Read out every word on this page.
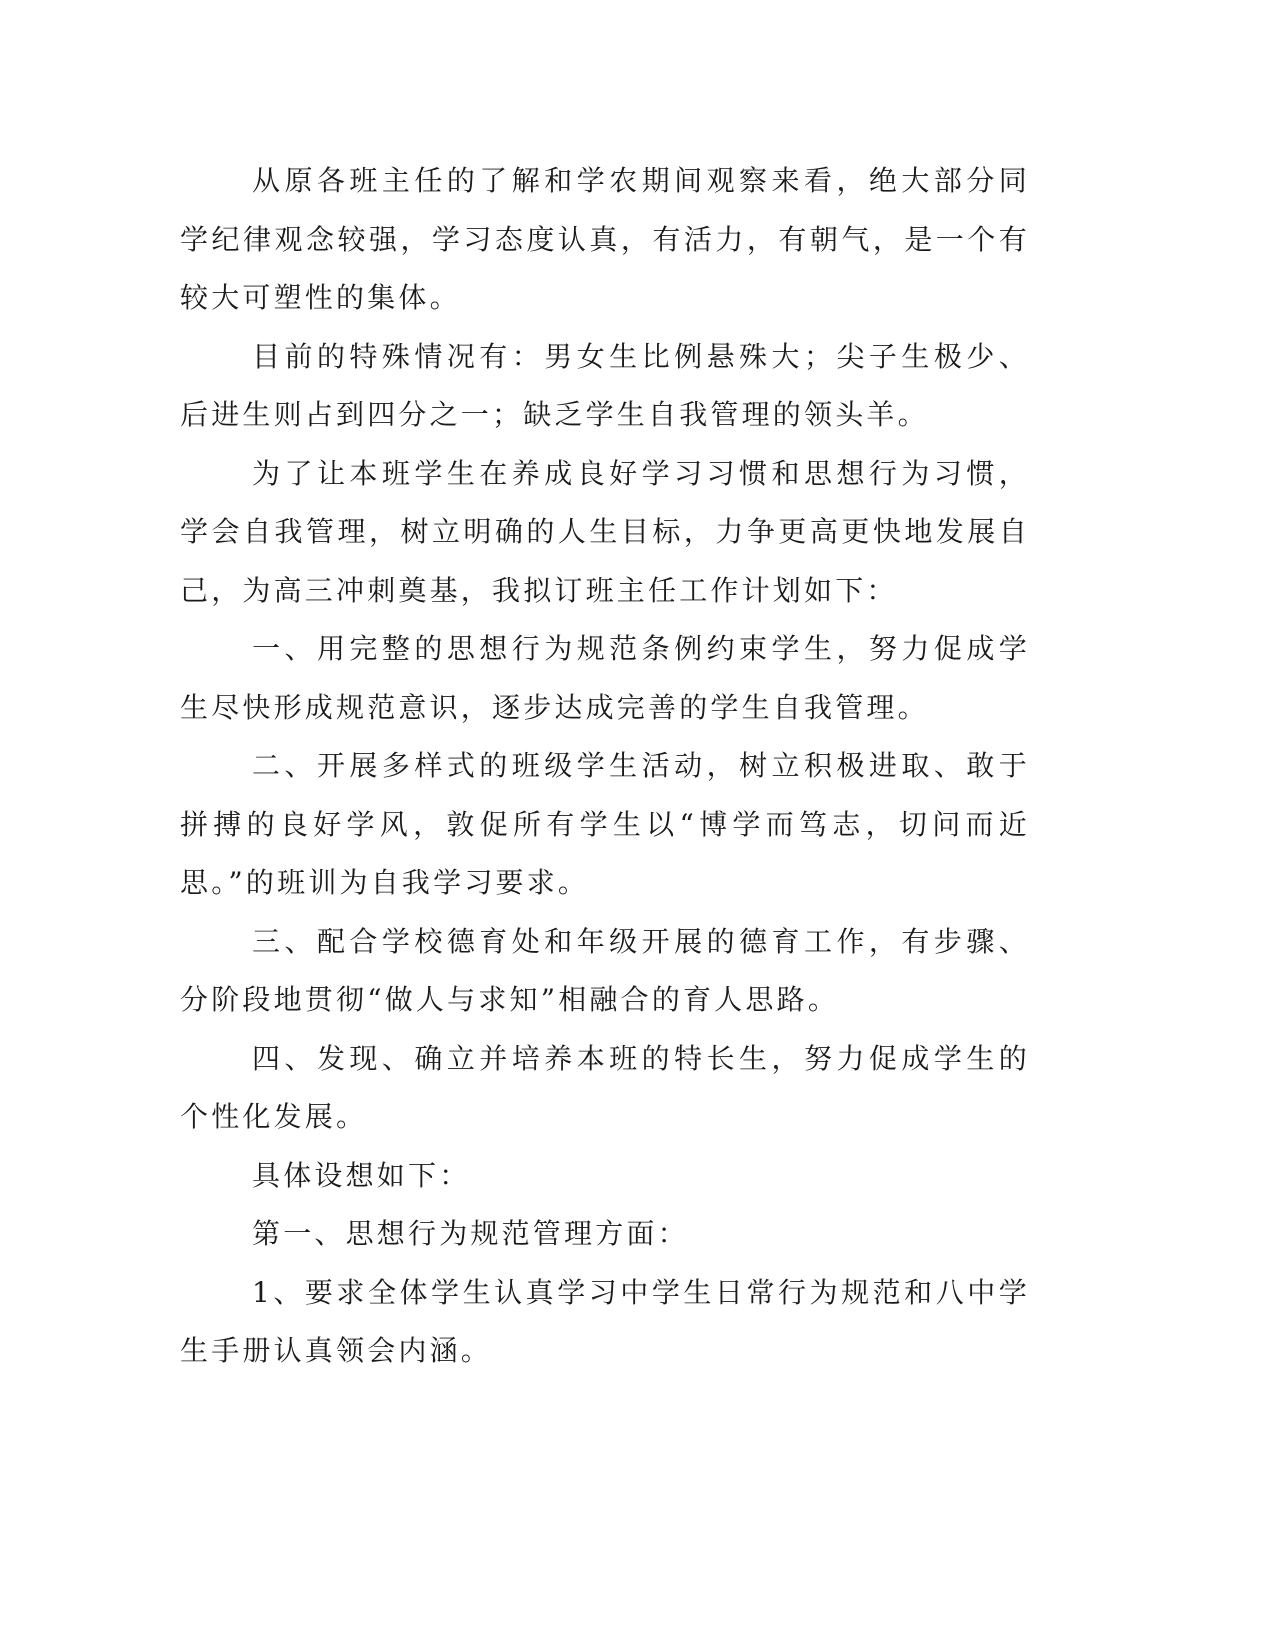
从原各班主任的了解和学农期间观察来看，绝大部分同学纪律观念较强，学习态度认真，有活力，有朝气，是一个有较大可塑性的集体。

目前的特殊情况有：男女生比例悬殊大；尖子生极少、后进生则占到四分之一；缺乏学生自我管理的领头羊。

为了让本班学生在养成良好学习习惯和思想行为习惯，学会自我管理，树立明确的人生目标，力争更高更快地发展自己，为高三冲刺奠基，我拟订班主任工作计划如下：

一、用完整的思想行为规范条例约束学生，努力促成学生尽快形成规范意识，逐步达成完善的学生自我管理。

二、开展多样式的班级学生活动，树立积极进取、敢于拼搏的良好学风，敦促所有学生以“博学而笃志，切问而近思。”的班训为自我学习要求。

三、配合学校德育处和年级开展的德育工作，有步骤、分阶段地贯彻“做人与求知”相融合的育人思路。

四、发现、确立并培养本班的特长生，努力促成学生的个性化发展。

具体设想如下：

第一、思想行为规范管理方面：

1、要求全体学生认真学习中学生日常行为规范和八中学生手册认真领会内涵。
